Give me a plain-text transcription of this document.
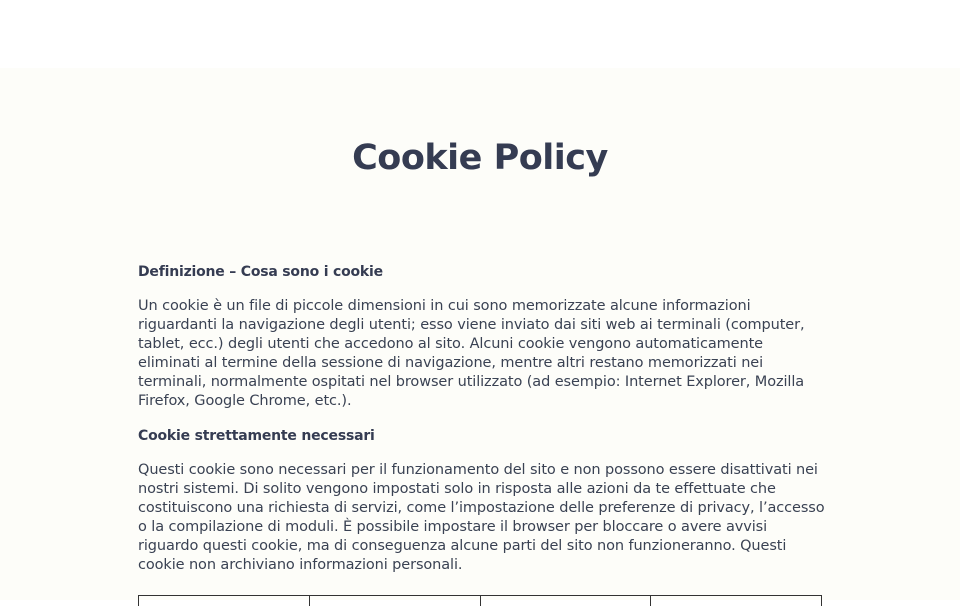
Cookie Policy
Definizione – Cosa sono i cookie

Un cookie è un file di piccole dimensioni in cui sono memorizzate alcune informazioni riguardanti la navigazione degli utenti; esso viene inviato dai siti web ai terminali (computer, tablet, ecc.) degli utenti che accedono al sito. Alcuni cookie vengono automaticamente eliminati al termine della sessione di navigazione, mentre altri restano memorizzati nei terminali, normalmente ospitati nel browser utilizzato (ad esempio: Internet Explorer, Mozilla Firefox, Google Chrome, etc.).

Cookie strettamente necessari

Questi cookie sono necessari per il funzionamento del sito e non possono essere disattivati nei nostri sistemi. Di solito vengono impostati solo in risposta alle azioni da te effettuate che costituiscono una richiesta di servizi, come l’impostazione delle preferenze di privacy, l’accesso o la compilazione di moduli. È possibile impostare il browser per bloccare o avere avvisi riguardo questi cookie, ma di conseguenza alcune parti del sito non funzioneranno. Questi cookie non archiviano informazioni personali.
